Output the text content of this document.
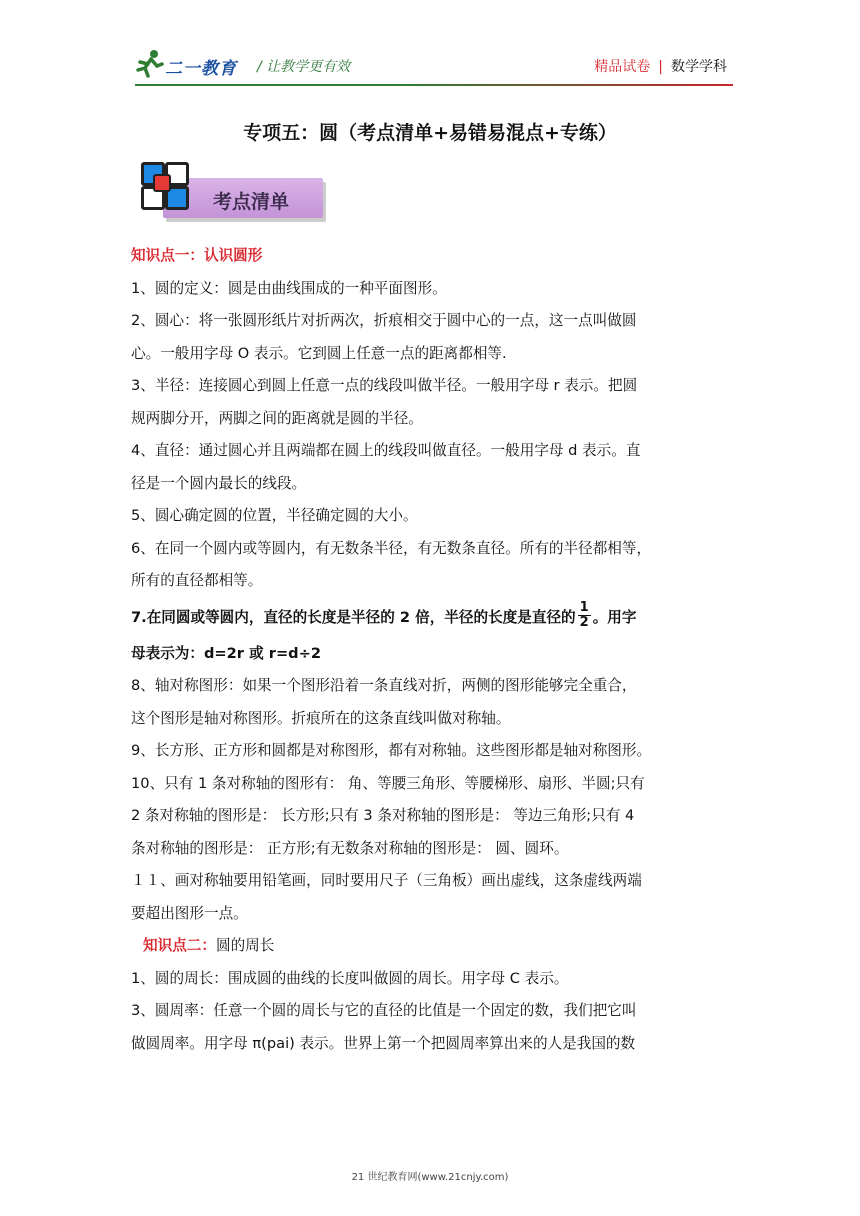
二一教育 / 让教学更有效	精品试卷 | 数学学科
专项五：圆（考点清单+易错易混点+专练）
考点清单
知识点一：认识圆形
1、圆的定义：圆是由曲线围成的一种平面图形。
2、圆心：将一张圆形纸片对折两次，折痕相交于圆中心的一点，这一点叫做圆
心。一般用字母 O 表示。它到圆上任意一点的距离都相等.
3、半径：连接圆心到圆上任意一点的线段叫做半径。一般用字母 r 表示。把圆
规两脚分开，两脚之间的距离就是圆的半径。
4、直径：通过圆心并且两端都在圆上的线段叫做直径。一般用字母 d 表示。直
径是一个圆内最长的线段。
5、圆心确定圆的位置，半径确定圆的大小。
6、在同一个圆内或等圆内，有无数条半径，有无数条直径。所有的半径都相等，
所有的直径都相等。
7.在同圆或等圆内，直径的长度是半径的 2 倍，半径的长度是直径的 $\frac{1}{2}$ 。用字
母表示为：d=2r 或 r=d÷2
8、轴对称图形：如果一个图形沿着一条直线对折，两侧的图形能够完全重合，
这个图形是轴对称图形。折痕所在的这条直线叫做对称轴。
9、长方形、正方形和圆都是对称图形，都有对称轴。这些图形都是轴对称图形。
10、只有 1 条对称轴的图形有： 角、等腰三角形、等腰梯形、扇形、半圆;只有
2 条对称轴的图形是： 长方形;只有 3 条对称轴的图形是： 等边三角形;只有 4
条对称轴的图形是： 正方形;有无数条对称轴的图形是： 圆、圆环。
１１、画对称轴要用铅笔画，同时要用尺子（三角板）画出虚线，这条虚线两端
要超出图形一点。
知识点二：圆的周长
1、圆的周长：围成圆的曲线的长度叫做圆的周长。用字母 C 表示。
3、圆周率：任意一个圆的周长与它的直径的比值是一个固定的数，我们把它叫
做圆周率。用字母 π(pai) 表示。世界上第一个把圆周率算出来的人是我国的数
21 世纪教育网(www.21cnjy.com)
